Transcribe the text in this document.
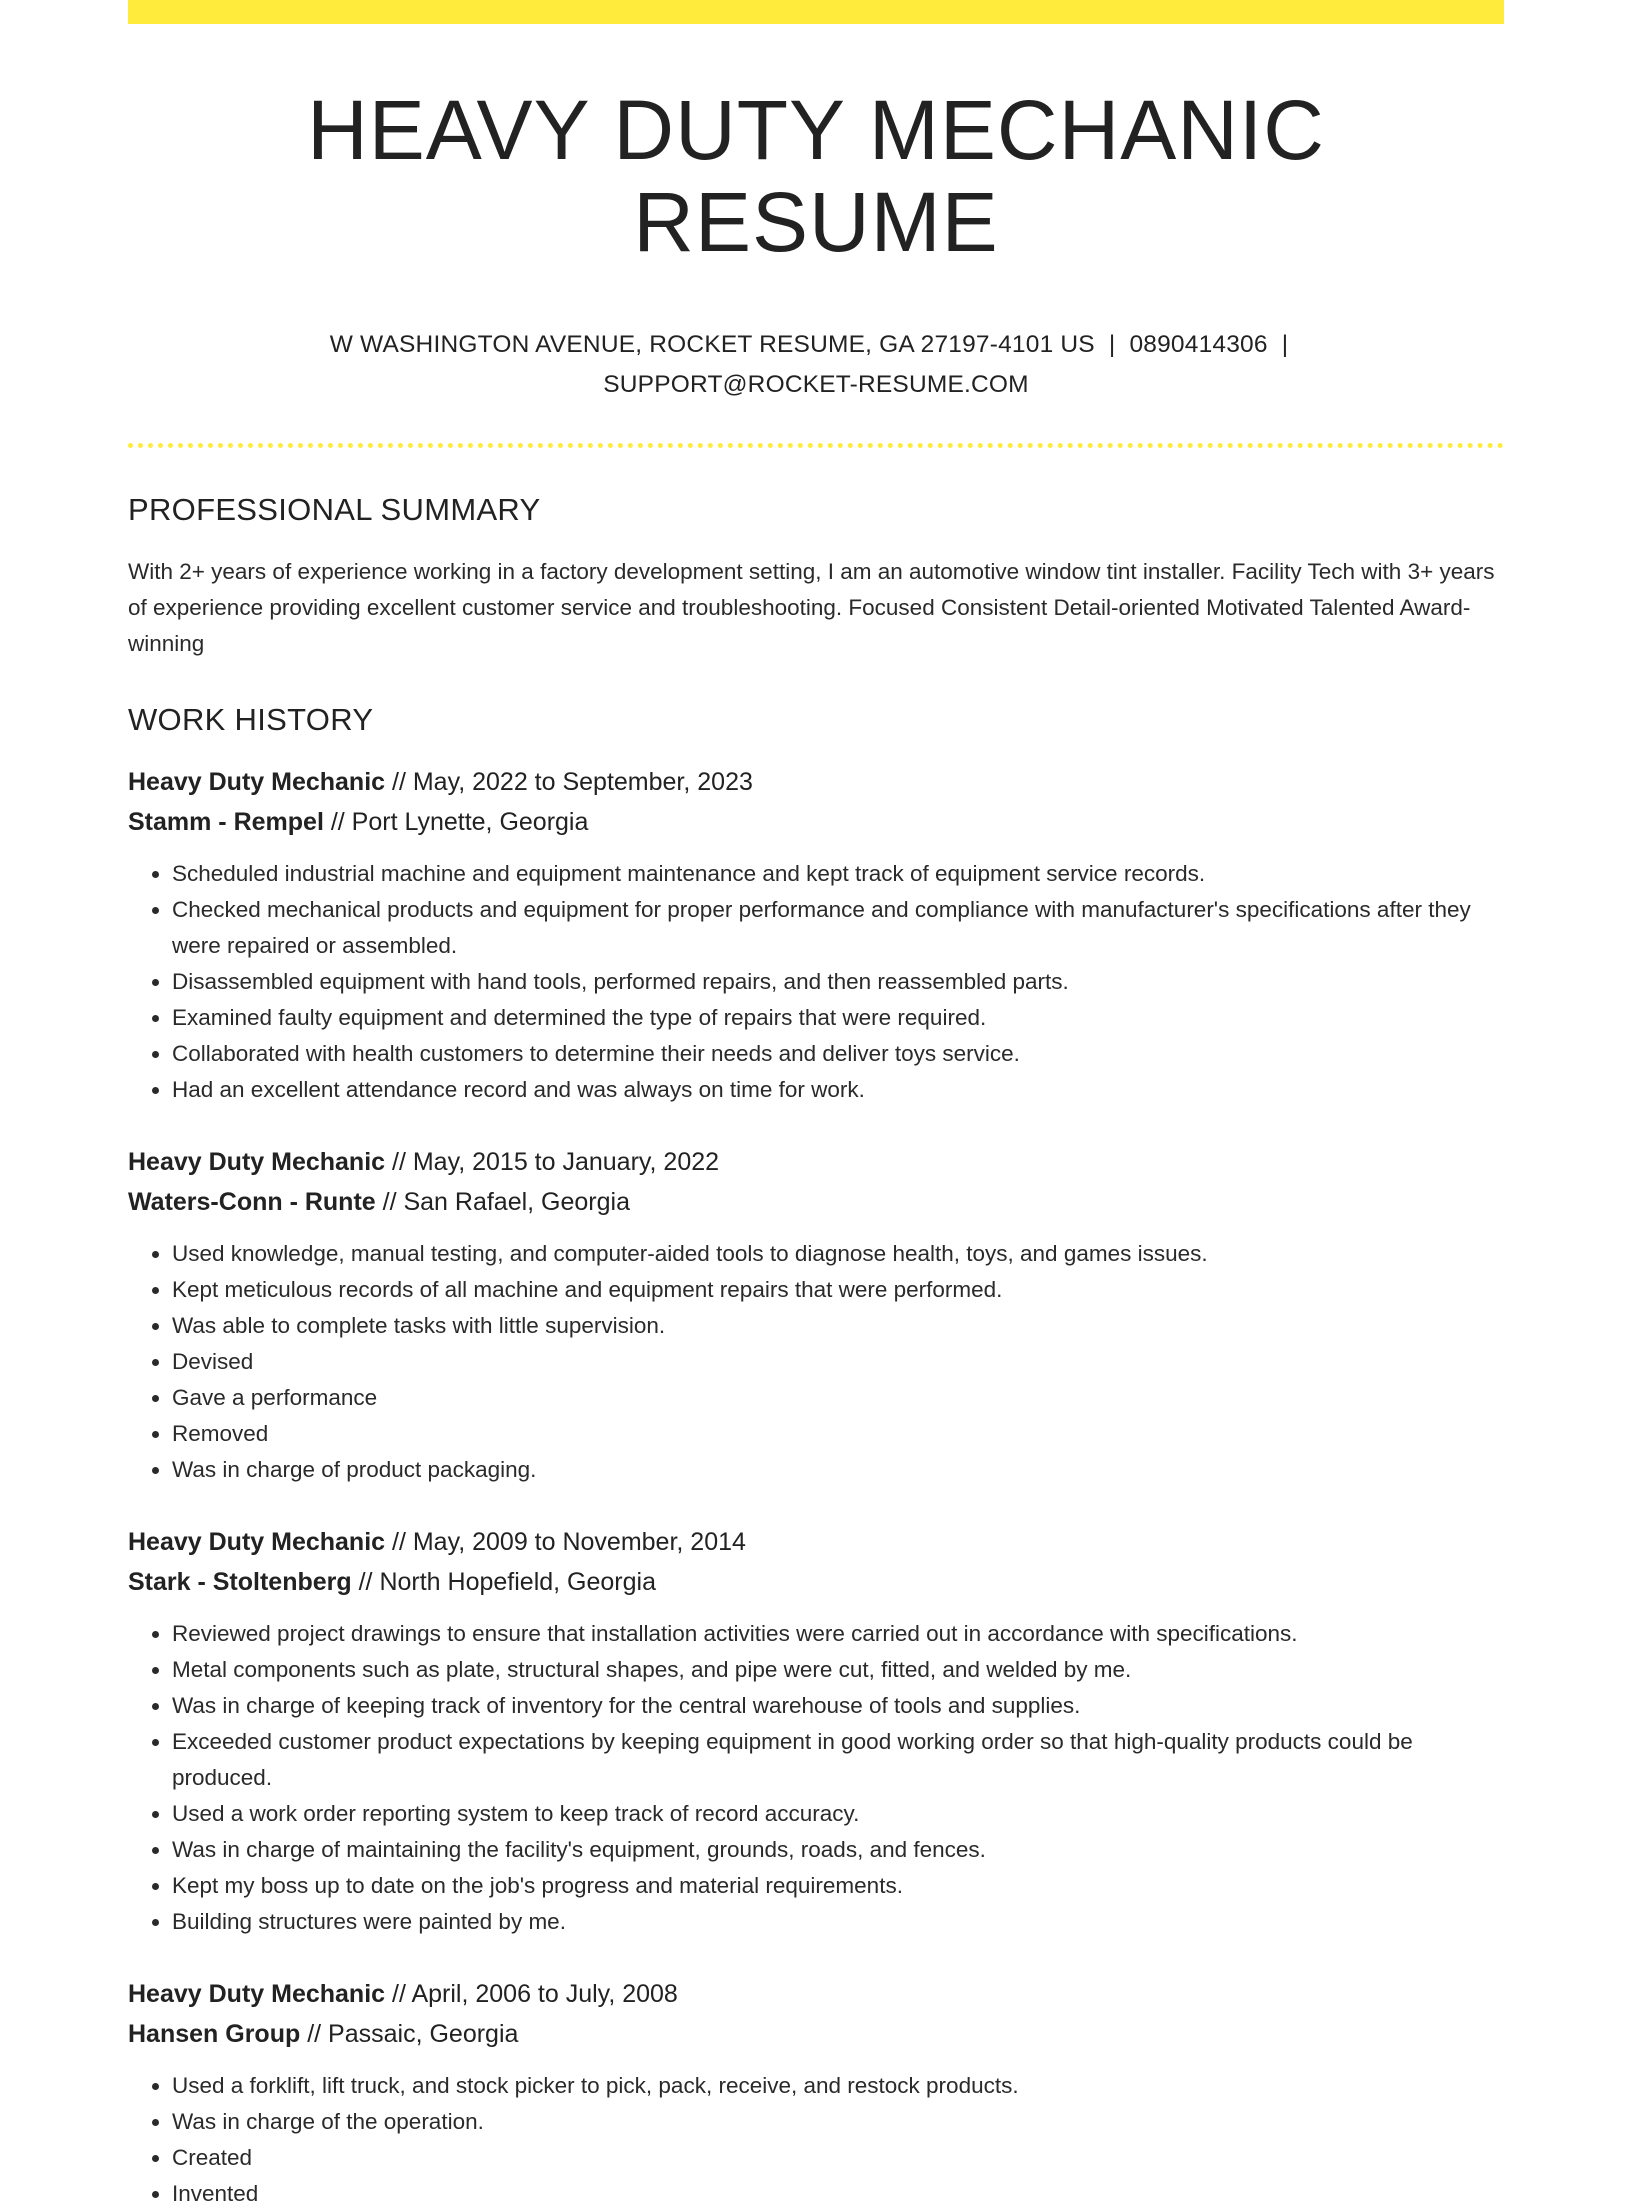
HEAVY DUTY MECHANIC RESUME
W WASHINGTON AVENUE, ROCKET RESUME, GA 27197-4101 US | 0890414306 |
SUPPORT@ROCKET-RESUME.COM
PROFESSIONAL SUMMARY

With 2+ years of experience working in a factory development setting, I am an automotive window tint installer. Facility Tech with 3+ years of experience providing excellent customer service and troubleshooting. Focused Consistent Detail-oriented Motivated Talented Award-winning

WORK HISTORY
Heavy Duty Mechanic // May, 2022 to September, 2023
Stamm - Rempel // Port Lynette, Georgia
• Scheduled industrial machine and equipment maintenance and kept track of equipment service records.
• Checked mechanical products and equipment for proper performance and compliance with manufacturer's specifications after they were repaired or assembled.
• Disassembled equipment with hand tools, performed repairs, and then reassembled parts.
• Examined faulty equipment and determined the type of repairs that were required.
• Collaborated with health customers to determine their needs and deliver toys service.
• Had an excellent attendance record and was always on time for work.
Heavy Duty Mechanic // May, 2015 to January, 2022
Waters-Conn - Runte // San Rafael, Georgia
• Used knowledge, manual testing, and computer-aided tools to diagnose health, toys, and games issues.
• Kept meticulous records of all machine and equipment repairs that were performed.
• Was able to complete tasks with little supervision.
• Devised
• Gave a performance
• Removed
• Was in charge of product packaging.
Heavy Duty Mechanic // May, 2009 to November, 2014
Stark - Stoltenberg // North Hopefield, Georgia
• Reviewed project drawings to ensure that installation activities were carried out in accordance with specifications.
• Metal components such as plate, structural shapes, and pipe were cut, fitted, and welded by me.
• Was in charge of keeping track of inventory for the central warehouse of tools and supplies.
• Exceeded customer product expectations by keeping equipment in good working order so that high-quality products could be produced.
• Used a work order reporting system to keep track of record accuracy.
• Was in charge of maintaining the facility's equipment, grounds, roads, and fences.
• Kept my boss up to date on the job's progress and material requirements.
• Building structures were painted by me.
Heavy Duty Mechanic // April, 2006 to July, 2008
Hansen Group // Passaic, Georgia
• Used a forklift, lift truck, and stock picker to pick, pack, receive, and restock products.
• Was in charge of the operation.
• Created
• Invented
